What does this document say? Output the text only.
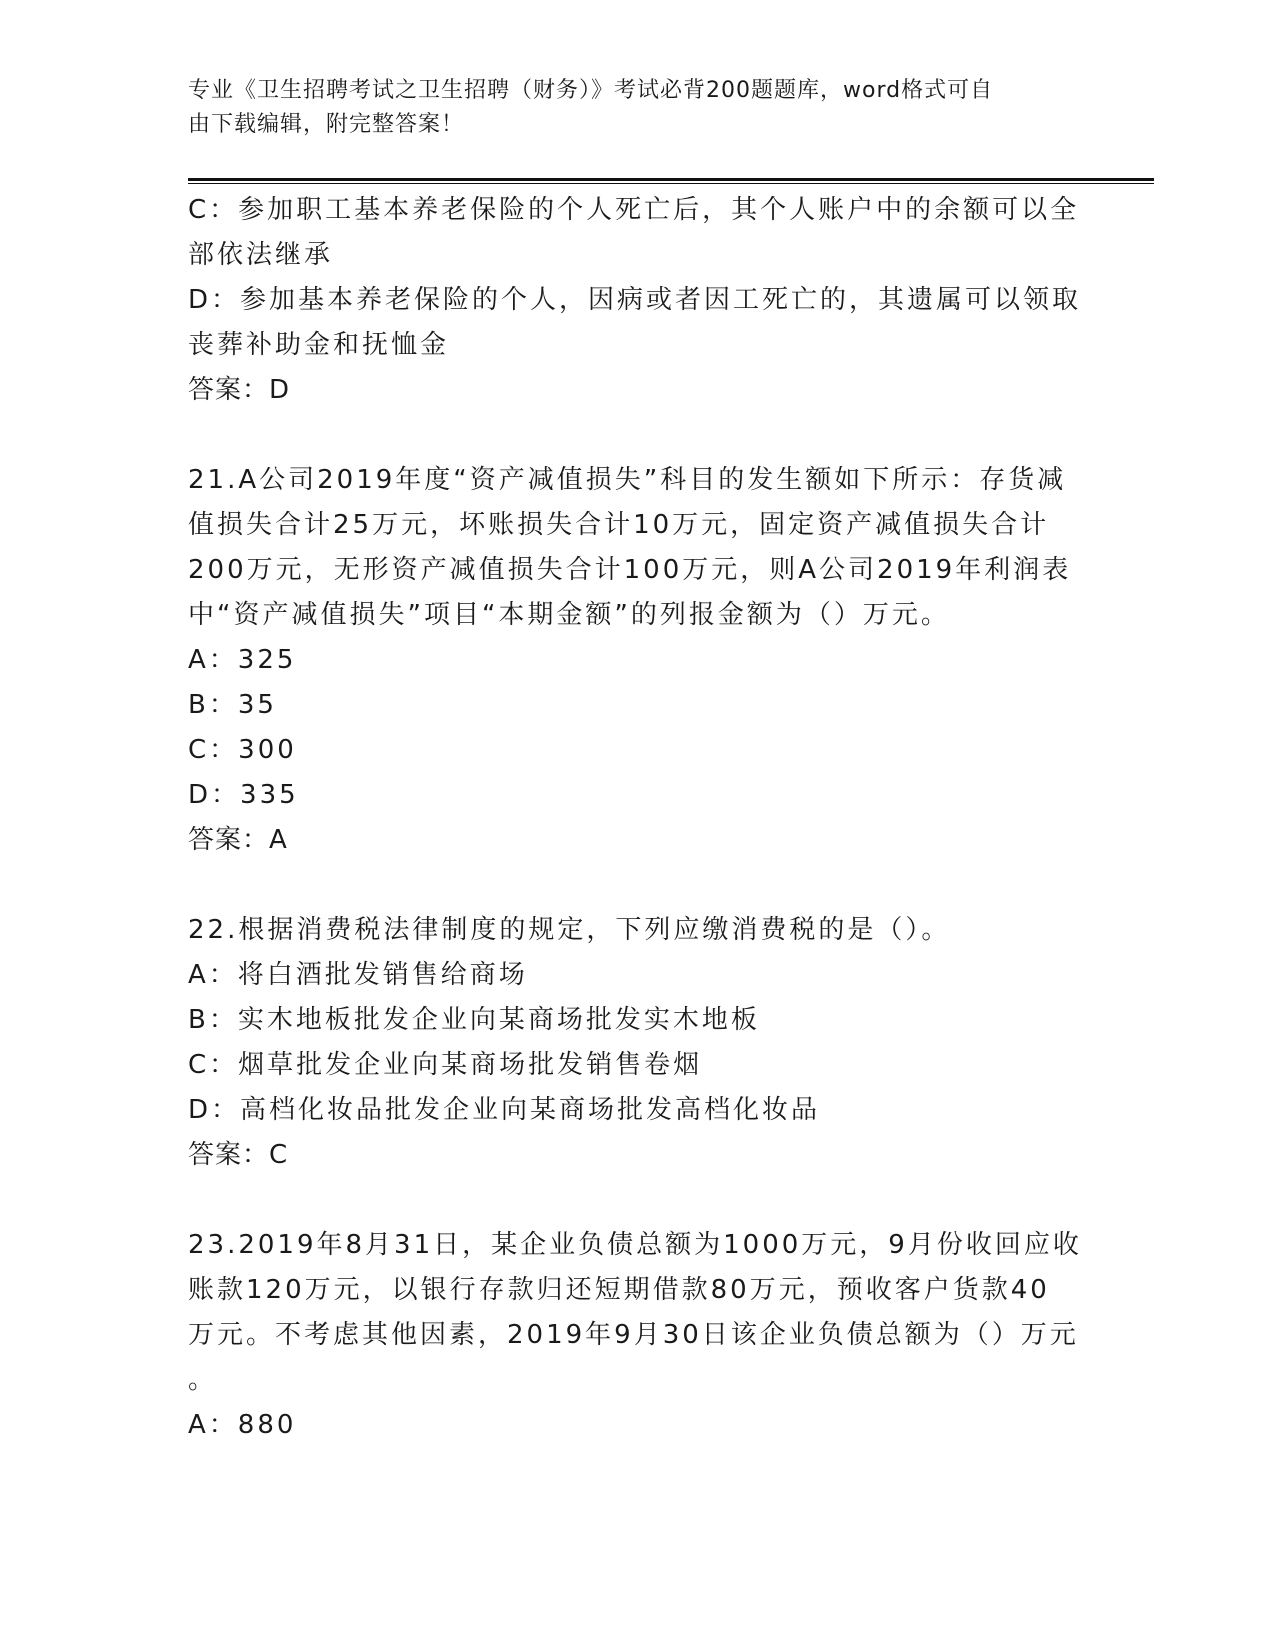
专业《卫生招聘考试之卫生招聘（财务）》考试必背200题题库，word格式可自
由下载编辑，附完整答案！
C：参加职工基本养老保险的个人死亡后，其个人账户中的余额可以全
部依法继承
D：参加基本养老保险的个人，因病或者因工死亡的，其遗属可以领取
丧葬补助金和抚恤金
答案：D
21.A公司2019年度“资产减值损失”科目的发生额如下所示：存货减
值损失合计25万元，坏账损失合计10万元，固定资产减值损失合计
200万元，无形资产减值损失合计100万元，则A公司2019年利润表
中“资产减值损失”项目“本期金额”的列报金额为（）万元。
A：325
B：35
C：300
D：335
答案：A
22.根据消费税法律制度的规定，下列应缴消费税的是（）。
A：将白酒批发销售给商场
B：实木地板批发企业向某商场批发实木地板
C：烟草批发企业向某商场批发销售卷烟
D：高档化妆品批发企业向某商场批发高档化妆品
答案：C
23.2019年8月31日，某企业负债总额为1000万元，9月份收回应收
账款120万元，以银行存款归还短期借款80万元，预收客户货款40
万元。不考虑其他因素，2019年9月30日该企业负债总额为（）万元
。
A：880
